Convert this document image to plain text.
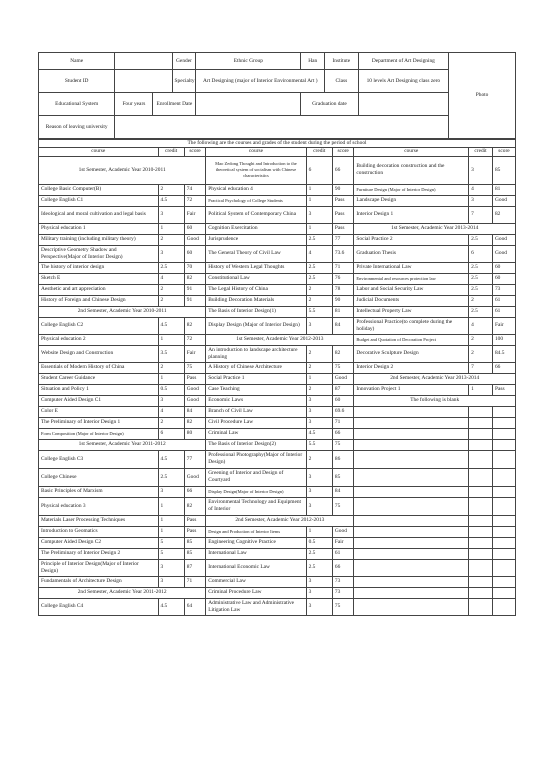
Name			Gender	Ethnic Group	Han	Institute	Department of Art Designing	Photo
Student ID			Specialty	Art Designing (major of Interior Environmental Art )		Class	10 levels Art Designing class zero	
Educational System	Four years	Enrollment Date			Graduation date			
Reason of leaving university								
The following are the courses and grades of the student during the period of school								
course	credit	score	course	credit	score	course	credit	score
1st Semester, Academic Year 2010-2011			Mao Zedong Thought and Introduction to the theoretical system of socialism with Chinese characteristics	6	66	Building decoration construction and the construction	3	85
College Basic Computer(B)	2	74	Physical education 4	1	90	Furniture Design (Major of Interior Design)	4	81
College English C1	4.5	72	Practical Psychology of College Students	1	Pass	Landscape Design	3	Good
Ideological and moral cultivation and legal basis	3	Fair	Political System of Contemporary China	3	Pass	Interior Design 1	7	82
Physical education 1	1	60	Cognition Exercitation	1	Pass	1st Semester, Academic Year 2013-2014		
Military training (including military theory)	2	Good	Jurisprudence	2.5	77	Social Practice 2	2.5	Good
Descriptive Geometry Shadow and Perspective(Major of Interior Design)	3	60	The General Theory of Civil Law	4	73.6	Graduation Thesis	6	Good
The history of interior design	2.5	70	History of Western Legal Thoughts	2.5	71	Private International Law	2.5	60
Sketch E	4	82	Constitutional Law	2.5	76	Environmental and resources protection law	2.5	60
Aesthetic and art appreciation	2	91	The Legal History of China	2	78	Labor and Social Security Law	2.5	73
History of Foreign and Chinese Design	2	91	Building Decoration Materials	2	90	Judicial Documents	2	61
2nd Semester, Academic Year 2010-2011			The Basis of Interior Design(1)	5.5	81	Intellectual Property Law	2.5	61
College English C2	4.5	82	Display Design (Major of Interior Design)	3	84	Professional Practice(to complete during the holiday)	4	Fair
Physical education 2	1	72	1st Semester, Academic Year 2012-2013			Budget and Quotation of Decoration Project	2	100
Website Design and Construction	3.5	Fair	An introduction to landscape architecture planning	2	82	Decorative Sculpture Design	2	84.5
Essentials of Modern History of China	2	75	A History of Chinese Architecture	2	75	Interior Design 2	7	66
Student Career Guidance	1	Pass	Social Practice 1	1	Good	2nd Semester, Academic Year 2013-2014		
Situation and Policy 1	0.5	Good	Case Teaching	2	87	Innovation Project 1	1	Pass
Computer Aided Design C1	3	Good	Economic Laws	3	60	The following is blank		
Color E	4	84	Branch of Civil Law	3	69.6			
The Preliminary of Interior Design 1	2	82	Civil Procedure Law	3	71			
Form Composition (Major of Interior Design)	6	80	Criminal Law	4.5	66			
1st Semester, Academic Year 2011-2012			The Basis of Interior Design(2)	5.5	75			
College English C3	4.5	77	Professional Photography(Major of Interior Design)	2	86			
College Chinese	2.5	Good	Greening of Interior and Design of Courtyard	3	85			
Basic Principles of Marxism	3	66	Display Design(Major of Interior Design)	3	84			
Physical education 3	1	82	Environmental Technology and Equipment of Interior	3	75			
Materials Laser Processing Techniques	1	Pass	2nd Semester, Academic Year 2012-2013					
Introduction to Geomatics	1	Pass	Design and Production of Interior Items	1	Good			
Computer Aided Design C2	5	85	Engineering Cognitive Practice	0.5	Fair			
The Preliminary of Interior Design 2	5	85	International Law	2.5	61			
Principle of Interior Design(Major of Interior Design)	3	87	International Economic Law	2.5	66			
Fundamentals of Architecture Design	3	71	Commercial Law	3	73			
2nd Semester, Academic Year 2011-2012			Criminal Procedure Law	3	73			
College English C4	4.5	64	Administrative Law and Administrative Litigation Law	3	75			
